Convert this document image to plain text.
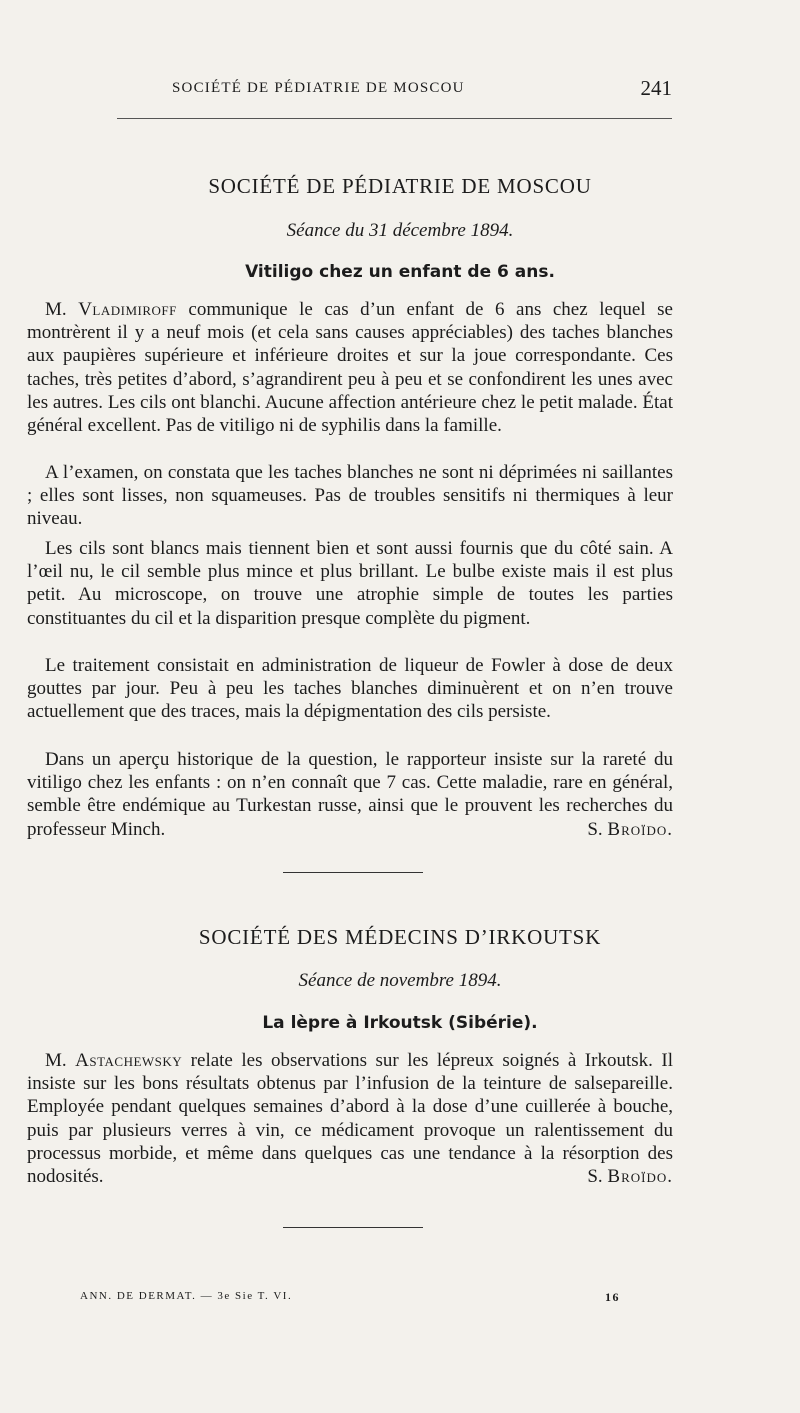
SOCIÉTÉ DE PÉDIATRIE DE MOSCOU	241
SOCIÉTÉ DE PÉDIATRIE DE MOSCOU
Séance du 31 décembre 1894.
Vitiligo chez un enfant de 6 ans.

M. Vladimiroff communique le cas d’un enfant de 6 ans chez lequel se montrèrent il y a neuf mois (et cela sans causes appréciables) des taches blanches aux paupières supérieure et inférieure droites et sur la joue correspondante. Ces taches, très petites d’abord, s’agrandirent peu à peu et se confondirent les unes avec les autres. Les cils ont blanchi. Aucune affection antérieure chez le petit malade. État général excellent. Pas de vitiligo ni de syphilis dans la famille.

A l’examen, on constata que les taches blanches ne sont ni déprimées ni saillantes ; elles sont lisses, non squameuses. Pas de troubles sensitifs ni thermiques à leur niveau.

Les cils sont blancs mais tiennent bien et sont aussi fournis que du côté sain. A l’œil nu, le cil semble plus mince et plus brillant. Le bulbe existe mais il est plus petit. Au microscope, on trouve une atrophie simple de toutes les parties constituantes du cil et la disparition presque complète du pigment.

Le traitement consistait en administration de liqueur de Fowler à dose de deux gouttes par jour. Peu à peu les taches blanches diminuèrent et on n’en trouve actuellement que des traces, mais la dépigmentation des cils persiste.

Dans un aperçu historique de la question, le rapporteur insiste sur la rareté du vitiligo chez les enfants : on n’en connaît que 7 cas. Cette maladie, rare en général, semble être endémique au Turkestan russe, ainsi que le prouvent les recherches du professeur Minch.	S. Broïdo.

SOCIÉTÉ DES MÉDECINS D’IRKOUTSK
Séance de novembre 1894.
La lèpre à Irkoutsk (Sibérie).

M. Astachewsky relate les observations sur les lépreux soignés à Irkoutsk. Il insiste sur les bons résultats obtenus par l’infusion de la teinture de salsepareille. Employée pendant quelques semaines d’abord à la dose d’une cuillerée à bouche, puis par plusieurs verres à vin, ce médicament provoque un ralentissement du processus morbide, et même dans quelques cas une tendance à la résorption des nodosités.	S. Broïdo.

ANN. DE DERMAT. — 3e Sie T. VI.	16
